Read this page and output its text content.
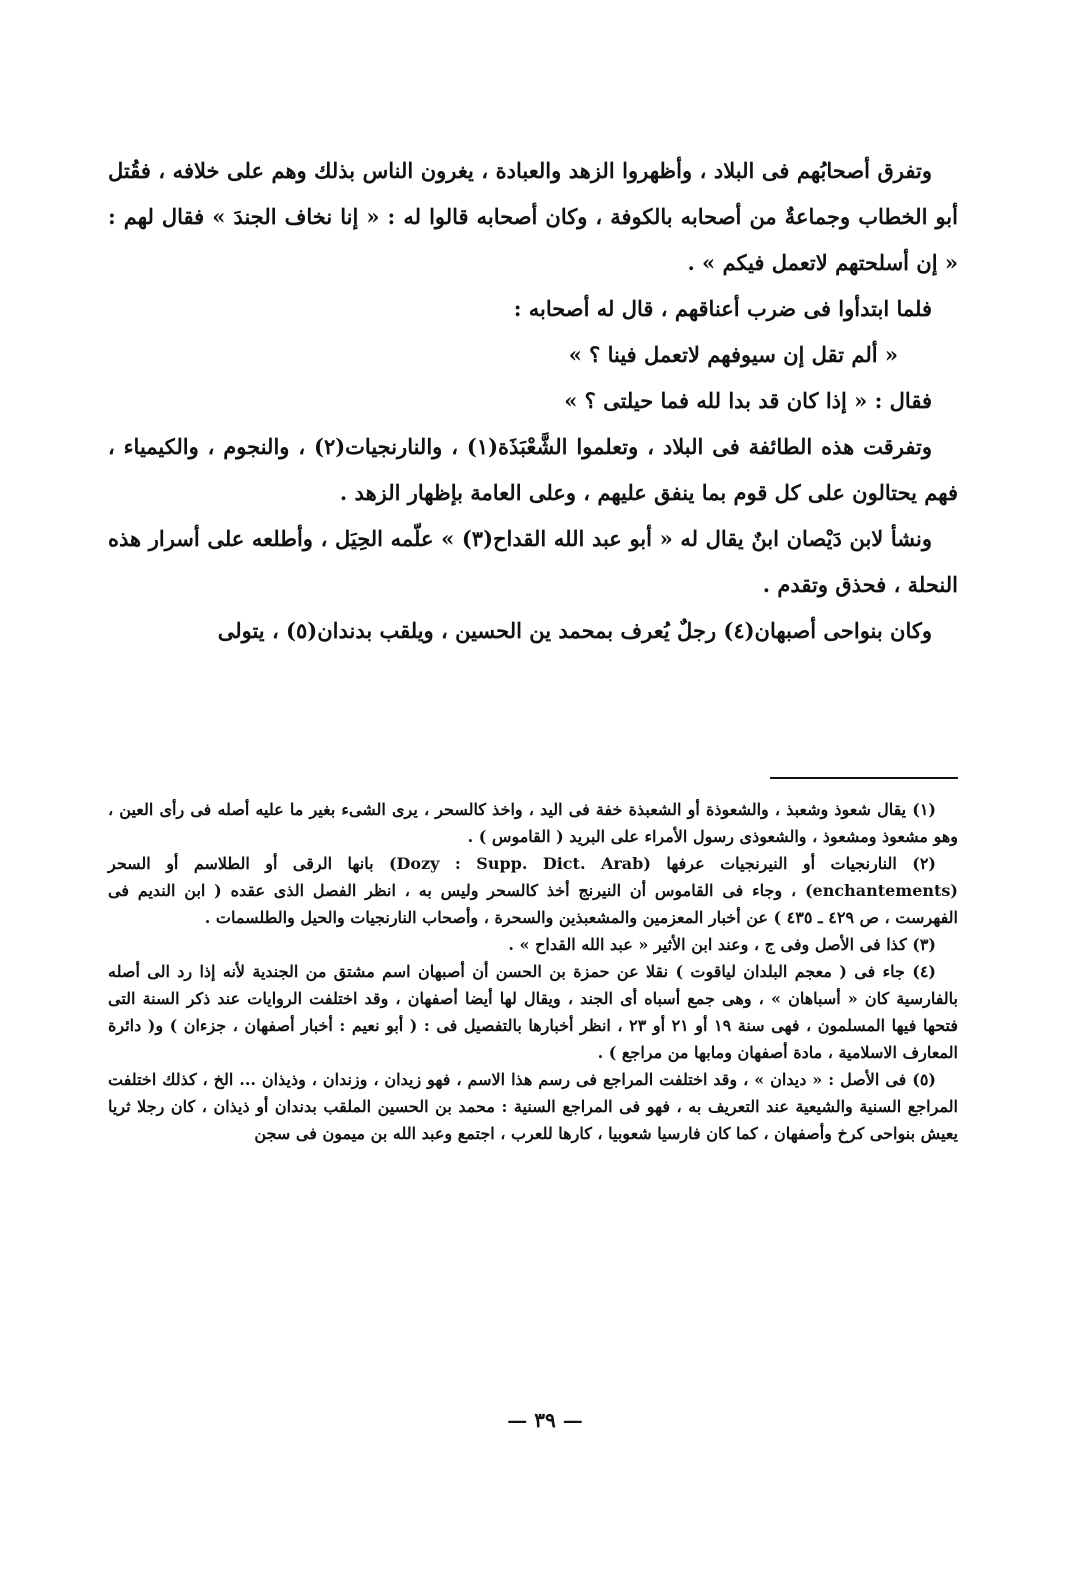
وتفرق أصحابُهم فى البلاد ، وأظهروا الزهد والعبادة ، يغرون الناس بذلك وهم على خلافه ، فقُتل أبو الخطاب وجماعةٌ من أصحابه بالكوفة ، وكان أصحابه قالوا له : « إنا نخاف الجندَ » فقال لهم : « إن أسلحتهم لاتعمل فيكم » .

فلما ابتدأوا فى ضرب أعناقهم ، قال له أصحابه :

« ألم تقل إن سيوفهم لاتعمل فينا ؟ »

فقال : « إذا كان قد بدا لله فما حيلتى ؟ »

وتفرقت هذه الطائفة فى البلاد ، وتعلموا الشَّعْبَذَة(١) ، والنارنجيات(٢) ، والنجوم ، والكيمياء ، فهم يحتالون على كل قوم بما ينفق عليهم ، وعلى العامة بإظهار الزهد .

ونشأ لابن دَيْصان ابنٌ يقال له « أبو عبد الله القداح(٣) » علّمه الحِيَل ، وأطلعه على أسرار هذه النحلة ، فحذق وتقدم .

وكان بنواحى أصبهان(٤) رجلٌ يُعرف بمحمد ين الحسين ، ويلقب بدندان(٥) ، يتولى

(١) يقال شعوذ وشعبذ ، والشعوذة أو الشعبذة خفة فى اليد ، واخذ كالسحر ، يرى الشىء بغير ما عليه أصله فى رأى العين ، وهو مشعوذ ومشعوذ ، والشعوذى رسول الأمراء على البريد ( القاموس ) .

(٢) النارنجيات أو النيرنجيات عرفها (Dozy : Supp. Dict. Arab) بانها الرقى أو الطلاسم أو السحر (enchantements) ، وجاء فى القاموس أن النيرنج أخذ كالسحر وليس به ، انظر الفصل الذى عقده ( ابن النديم فى الفهرست ، ص ٤٢٩ ـ ٤٣٥ ) عن أخبار المعزمين والمشعبذين والسحرة ، وأصحاب النارنجيات والحيل والطلسمات .

(٣) كذا فى الأصل وفى ج ، وعند ابن الأثير « عبد الله القداح » .

(٤) جاء فى ( معجم البلدان لياقوت ) نقلا عن حمزة بن الحسن أن أصبهان اسم مشتق من الجندية لأنه إذا رد الى أصله بالفارسية كان « أسباهان » ، وهى جمع أسباه أى الجند ، ويقال لها أيضا أصفهان ، وقد اختلفت الروايات عند ذكر السنة التى فتحها فيها المسلمون ، فهى سنة ١٩ أو ٢١ أو ٢٣ ، انظر أخبارها بالتفصيل فى : ( أبو نعيم : أخبار أصفهان ، جزءان ) و( دائرة المعارف الاسلامية ، مادة أصفهان ومابها من مراجع ) .

(٥) فى الأصل : « ديدان » ، وقد اختلفت المراجع فى رسم هذا الاسم ، فهو زيدان ، وزندان ، وذيذان ... الخ ، كذلك اختلفت المراجع السنية والشيعية عند التعريف به ، فهو فى المراجع السنية : محمد بن الحسين الملقب بدندان أو ذيذان ، كان رجلا ثريا يعيش بنواحى كرخ وأصفهان ، كما كان فارسيا شعوبيا ، كارها للعرب ، اجتمع وعبد الله بن ميمون فى سجن

— ٣٩ —
